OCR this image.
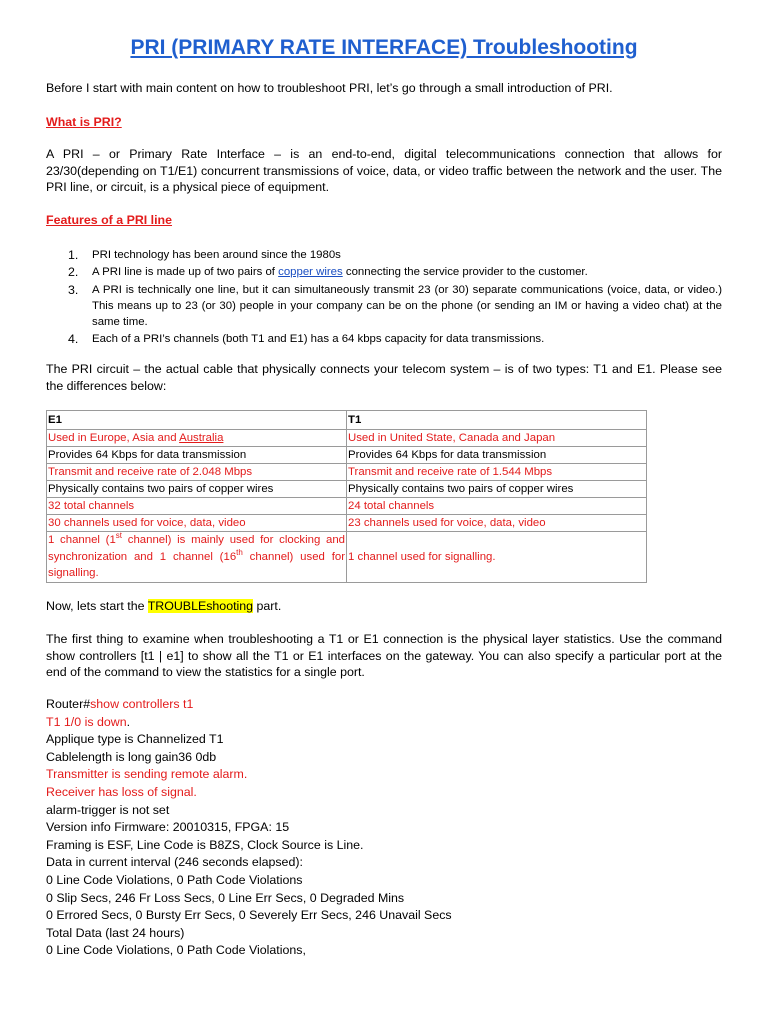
PRI (PRIMARY RATE INTERFACE) Troubleshooting

Before I start with main content on how to troubleshoot PRI, let’s go through a small introduction of PRI.

What is PRI?

A PRI – or Primary Rate Interface – is an end-to-end, digital telecommunications connection that allows for 23/30(depending on T1/E1) concurrent transmissions of voice, data, or video traffic between the network and the user. The PRI line, or circuit, is a physical piece of equipment.

Features of a PRI line

1. PRI technology has been around since the 1980s
2. A PRI line is made up of two pairs of copper wires connecting the service provider to the customer.
3. A PRI is technically one line, but it can simultaneously transmit 23 (or 30) separate communications (voice, data, or video.) This means up to 23 (or 30) people in your company can be on the phone (or sending an IM or having a video chat) at the same time.
4. Each of a PRI’s channels (both T1 and E1) has a 64 kbps capacity for data transmissions.

The PRI circuit – the actual cable that physically connects your telecom system – is of two types: T1 and E1. Please see the differences below:

E1	T1
Used in Europe, Asia and Australia	Used in United State, Canada and Japan
Provides 64 Kbps for data transmission	Provides 64 Kbps for data transmission
Transmit and receive rate of 2.048 Mbps	Transmit and receive rate of 1.544 Mbps
Physically contains two pairs of copper wires	Physically contains two pairs of copper wires
32 total channels	24 total channels
30 channels used for voice, data, video	23 channels used for voice, data, video
1 channel (1st channel) is mainly used for clocking and synchronization and 1 channel (16th channel) used for signalling.	1 channel used for signalling.

Now, lets start the TROUBLEshooting part.

The first thing to examine when troubleshooting a T1 or E1 connection is the physical layer statistics. Use the command show controllers [t1 | e1] to show all the T1 or E1 interfaces on the gateway. You can also specify a particular port at the end of the command to view the statistics for a single port.

Router#show controllers t1
T1 1/0 is down.
Applique type is Channelized T1
Cablelength is long gain36 0db
Transmitter is sending remote alarm.
Receiver has loss of signal.
alarm-trigger is not set
Version info Firmware: 20010315, FPGA: 15
Framing is ESF, Line Code is B8ZS, Clock Source is Line.
Data in current interval (246 seconds elapsed):
0 Line Code Violations, 0 Path Code Violations
0 Slip Secs, 246 Fr Loss Secs, 0 Line Err Secs, 0 Degraded Mins
0 Errored Secs, 0 Bursty Err Secs, 0 Severely Err Secs, 246 Unavail Secs
Total Data (last 24 hours)
0 Line Code Violations, 0 Path Code Violations,
